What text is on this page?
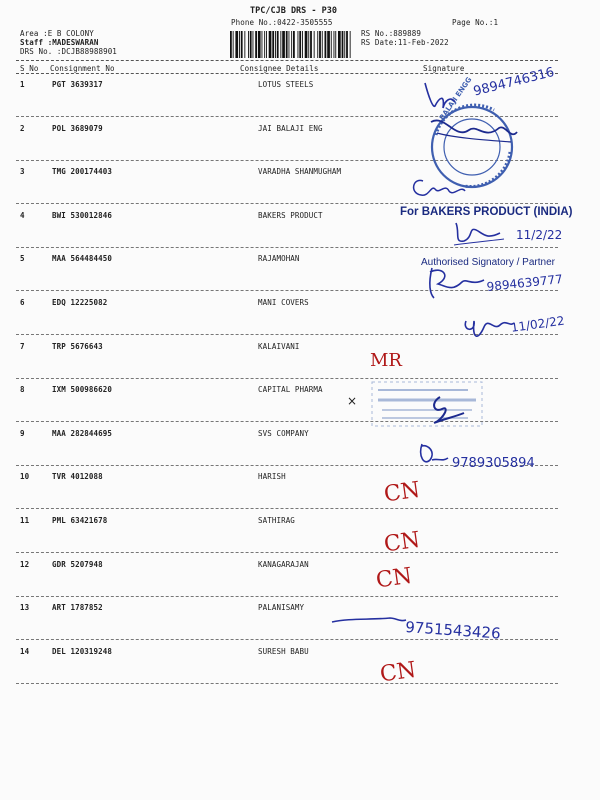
TPC/CJB DRS - P30
Phone No.:0422-3505555
Area :E B COLONY
Staff :MADESWARAN
DRS No. :DCJB88988901
RS No.:889889
RS Date:11-Feb-2022
Page No.:1
S No Consignment No	Consignee Details	Signature
1	PGT 3639317	LOTUS STEELS
2	POL 3689079	JAI BALAJI ENG
3	TMG 200174403	VARADHA SHANMUGHAM
4	BWI 530012846	BAKERS PRODUCT
5	MAA 564484450	RAJAMOHAN
6	EDQ 12225082	MANI COVERS
7	TRP 5676643	KALAIVANI
8	IXM 500986620	CAPITAL PHARMA
9	MAA 282844695	SVS COMPANY
10	TVR 4012088	HARISH
11	PML 63421678	SATHIRAG
12	GDR 5207948	KANAGARAJAN
13	ART 1787852	PALANISAMY
14	DEL 120319248	SURESH BABU
BALAJI ENGG
9894746316
For BAKERS PRODUCT (INDIA)
11/2/22
Authorised Signatory / Partner
9894639777
11/02/22
MR
×
9789305894
CN
CN
CN
CN
9751543426
